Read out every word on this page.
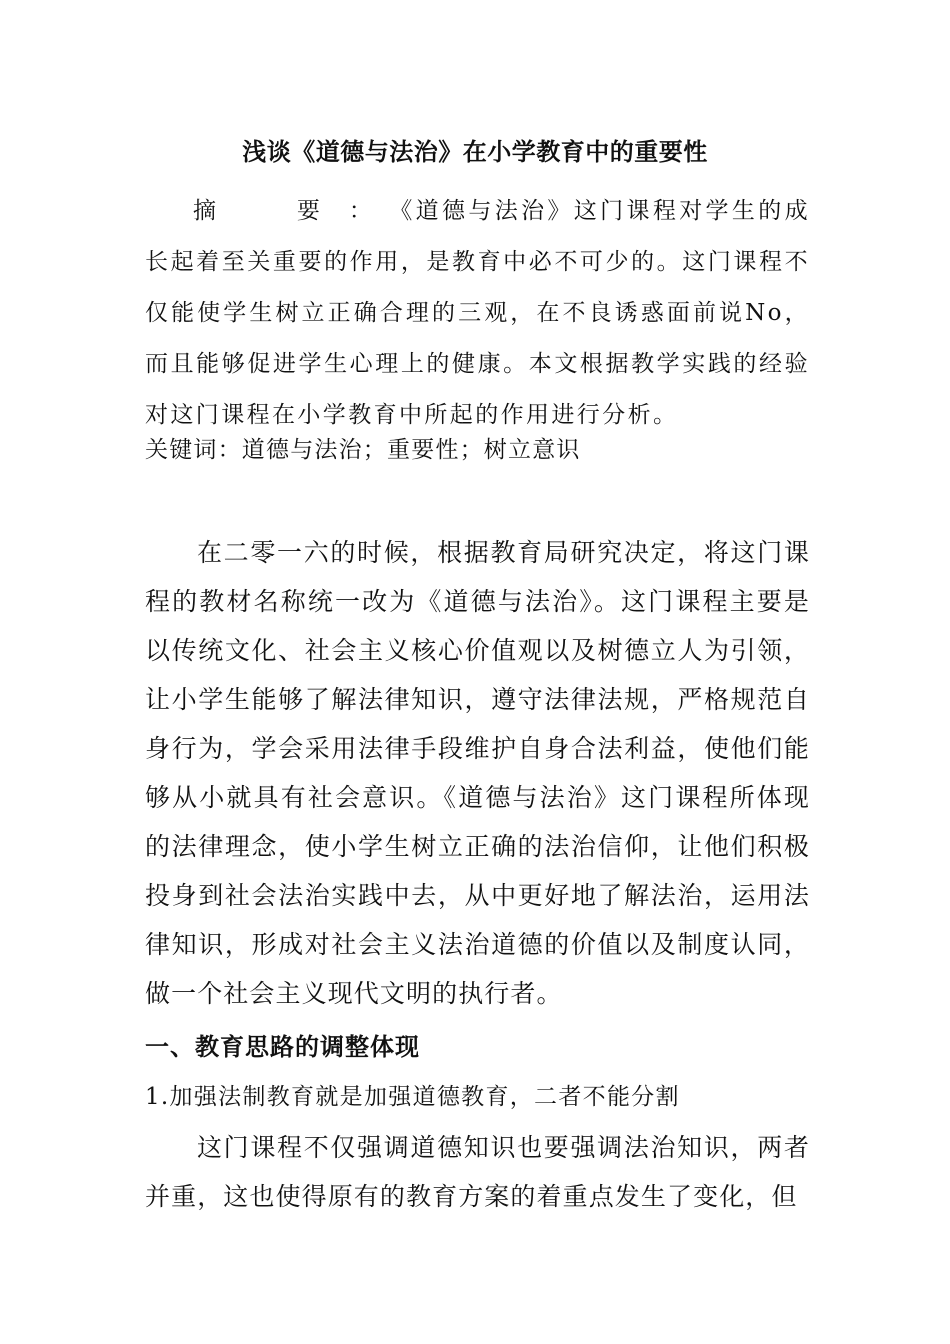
浅谈《道德与法治》在小学教育中的重要性
摘　要：《道德与法治》这门课程对学生的成长起着至关重要的作用，是教育中必不可少的。这门课程不仅能使学生树立正确合理的三观，在不良诱惑面前说No，而且能够促进学生心理上的健康。本文根据教学实践的经验对这门课程在小学教育中所起的作用进行分析。
关键词：道德与法治；重要性；树立意识
在二零一六的时候，根据教育局研究决定，将这门课程的教材名称统一改为《道德与法治》。这门课程主要是以传统文化、社会主义核心价值观以及树德立人为引领，让小学生能够了解法律知识，遵守法律法规，严格规范自身行为，学会采用法律手段维护自身合法利益，使他们能够从小就具有社会意识。《道德与法治》这门课程所体现的法律理念，使小学生树立正确的法治信仰，让他们积极投身到社会法治实践中去，从中更好地了解法治，运用法律知识，形成对社会主义法治道德的价值以及制度认同，做一个社会主义现代文明的执行者。
一、教育思路的调整体现
1.加强法制教育就是加强道德教育，二者不能分割
这门课程不仅强调道德知识也要强调法治知识，两者并重，这也使得原有的教育方案的着重点发生了变化，但
